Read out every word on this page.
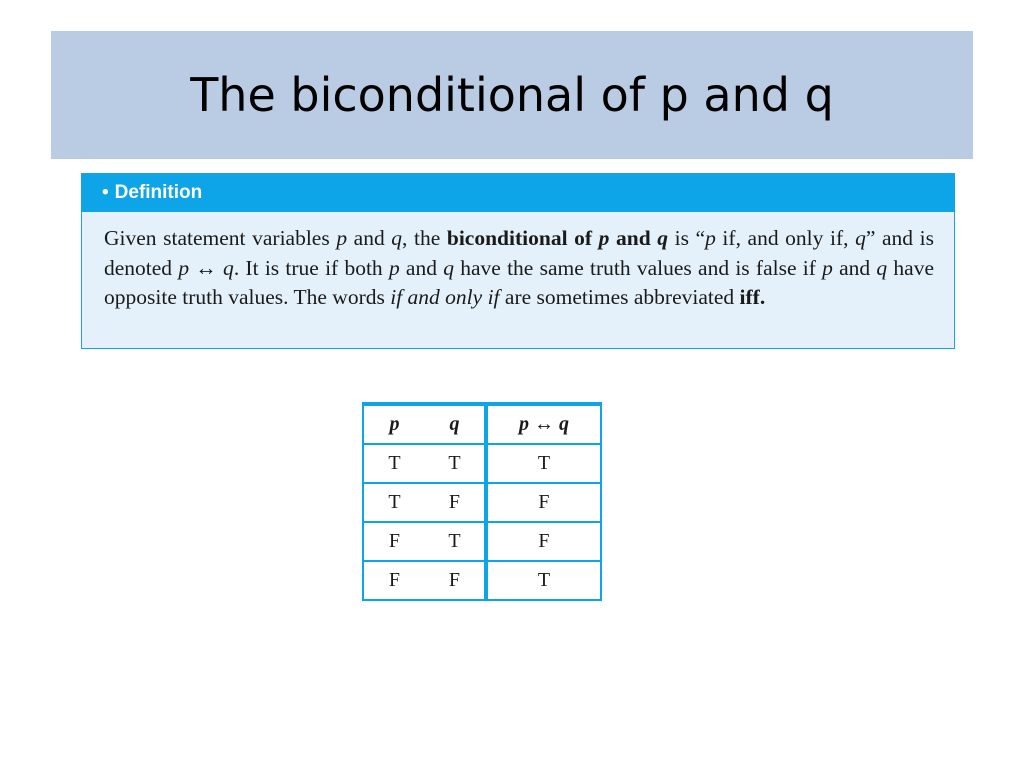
The biconditional of p and q
• Definition
Given statement variables p and q, the biconditional of p and q is “p if, and only if, q” and is denoted p ↔ q. It is true if both p and q have the same truth values and is false if p and q have opposite truth values. The words if and only if are sometimes abbreviated iff.
p	q	p ↔ q
T	T	T
T	F	F
F	T	F
F	F	T
